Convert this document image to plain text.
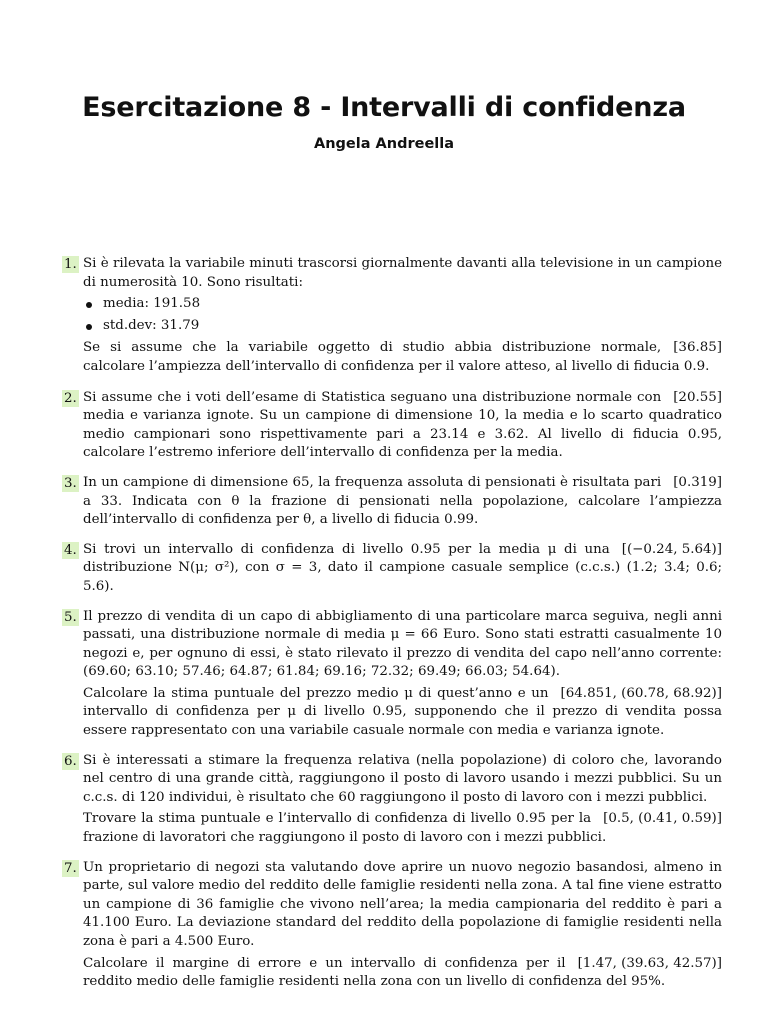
Esercitazione 8 - Intervalli di confidenza
Angela Andreella
1. Si è rilevata la variabile minuti trascorsi giornalmente davanti alla televisione in un campione di numerosità 10. Sono risultati:
media: 191.58
std.dev: 31.79
[36.85]
Se si assume che la variabile oggetto di studio abbia distribuzione normale, calcolare l’ampiezza dell’intervallo di confidenza per il valore atteso, al livello di fiducia 0.9.
2.	[20.55]
Si assume che i voti dell’esame di Statistica seguano una distribuzione normale con media e varianza ignote. Su un campione di dimensione 10, la media e lo scarto quadratico medio campionari sono rispettivamente pari a 23.14 e 3.62. Al livello di fiducia 0.95, calcolare l’estremo inferiore dell’intervallo di confidenza per la media.
3.	[0.319]
In un campione di dimensione 65, la frequenza assoluta di pensionati è risultata pari a 33. Indicata con θ la frazione di pensionati nella popolazione, calcolare l’ampiezza dell’intervallo di confidenza per θ, a livello di fiducia 0.99.
4.	[(−0.24, 5.64)]
Si trovi un intervallo di confidenza di livello 0.95 per la media μ di una distribuzione N(μ; σ²), con σ = 3, dato il campione casuale semplice (c.c.s.) (1.2; 3.4; 0.6; 5.6).
5. Il prezzo di vendita di un capo di abbigliamento di una particolare marca seguiva, negli anni passati, una distribuzione normale di media μ = 66 Euro. Sono stati estratti casualmente 10 negozi e, per ognuno di essi, è stato rilevato il prezzo di vendita del capo nell’anno corrente: (69.60; 63.10; 57.46; 64.87; 61.84; 69.16; 72.32; 69.49; 66.03; 54.64).
[64.851, (60.78, 68.92)]
Calcolare la stima puntuale del prezzo medio μ di quest’anno e un intervallo di confidenza per μ di livello 0.95, supponendo che il prezzo di vendita possa essere rappresentato con una variabile casuale normale con media e varianza ignote.
6. Si è interessati a stimare la frequenza relativa (nella popolazione) di coloro che, lavorando nel centro di una grande città, raggiungono il posto di lavoro usando i mezzi pubblici. Su un c.c.s. di 120 individui, è risultato che 60 raggiungono il posto di lavoro con i mezzi pubblici.
[0.5, (0.41, 0.59)]
Trovare la stima puntuale e l’intervallo di confidenza di livello 0.95 per la frazione di lavoratori che raggiungono il posto di lavoro con i mezzi pubblici.
7. Un proprietario di negozi sta valutando dove aprire un nuovo negozio basandosi, almeno in parte, sul valore medio del reddito delle famiglie residenti nella zona. A tal fine viene estratto un campione di 36 famiglie che vivono nell’area; la media campionaria del reddito è pari a 41.100 Euro. La deviazione standard del reddito della popolazione di famiglie residenti nella zona è pari a 4.500 Euro.
[1.47, (39.63, 42.57)]
Calcolare il margine di errore e un intervallo di confidenza per il reddito medio delle famiglie residenti nella zona con un livello di confidenza del 95%.
